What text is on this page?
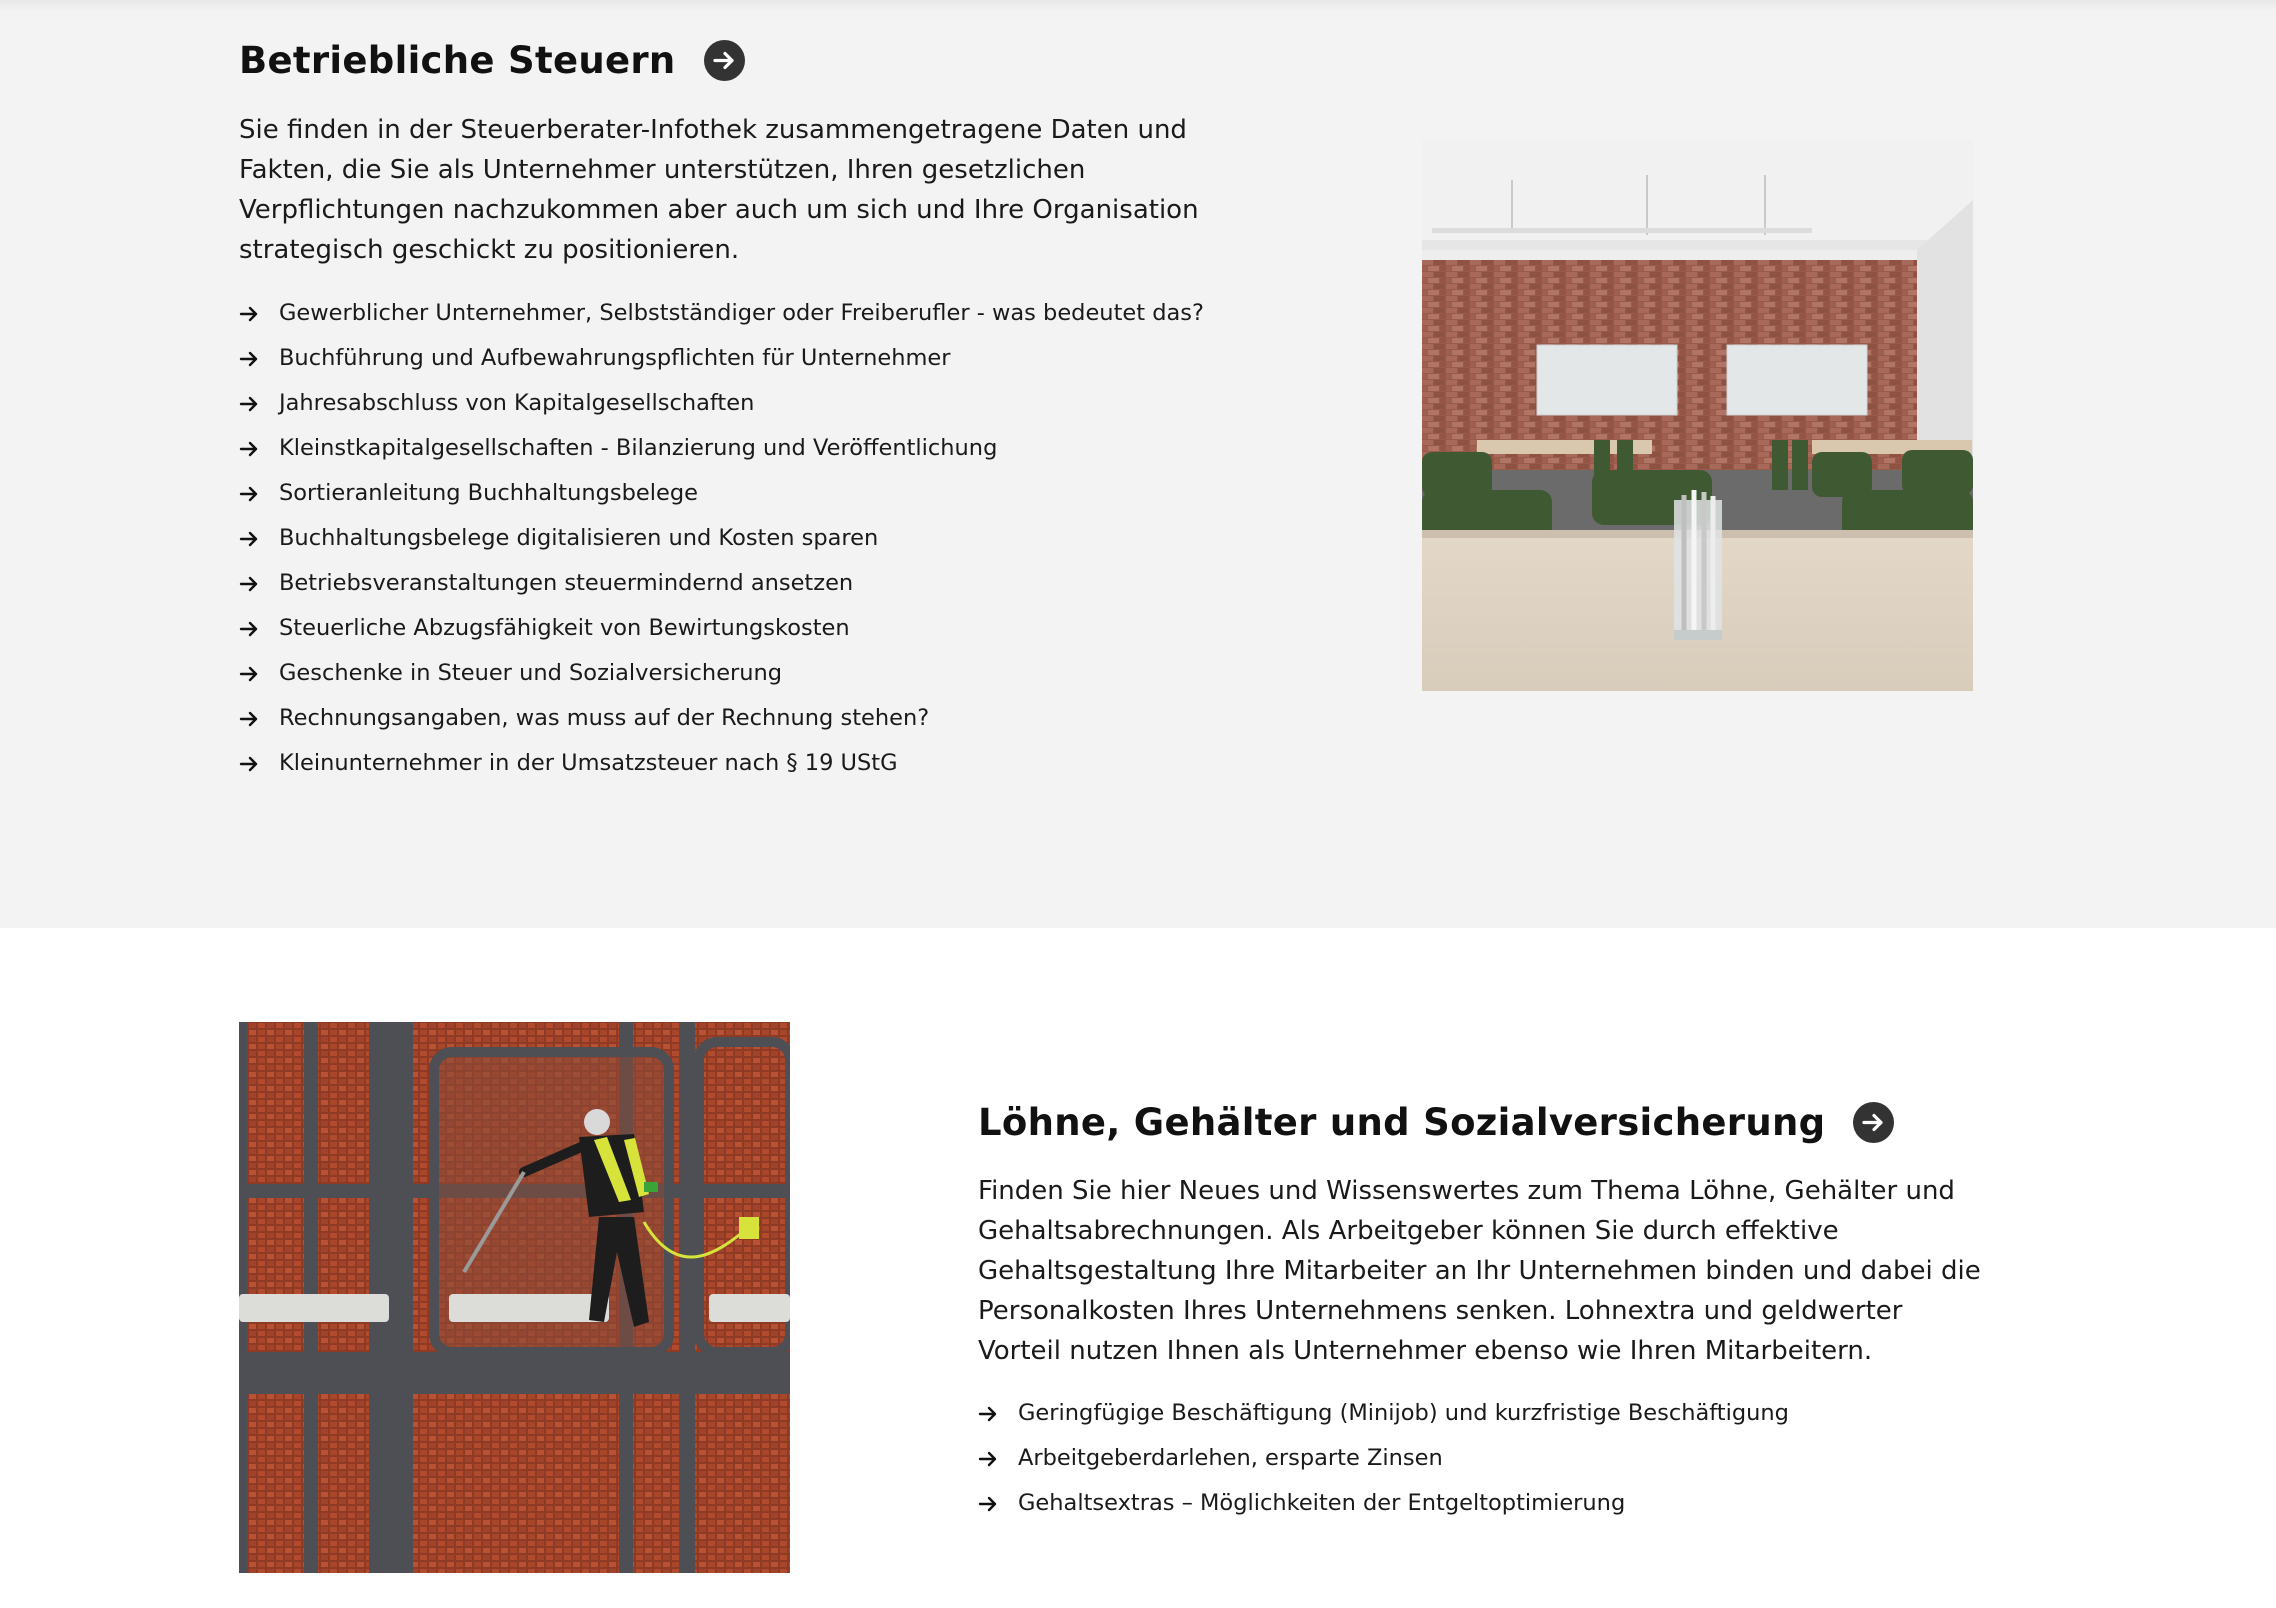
Betriebliche Steuern

Sie finden in der Steuerberater-Infothek zusammengetragene Daten und Fakten, die Sie als Unternehmer unterstützen, Ihren gesetzlichen Verpflichtungen nachzukommen aber auch um sich und Ihre Organisation strategisch geschickt zu positionieren.

Gewerblicher Unternehmer, Selbstständiger oder Freiberufler - was bedeutet das?
Buchführung und Aufbewahrungspflichten für Unternehmer
Jahresabschluss von Kapitalgesellschaften
Kleinstkapitalgesellschaften - Bilanzierung und Veröffentlichung
Sortieranleitung Buchhaltungsbelege
Buchhaltungsbelege digitalisieren und Kosten sparen
Betriebsveranstaltungen steuermindernd ansetzen
Steuerliche Abzugsfähigkeit von Bewirtungskosten
Geschenke in Steuer und Sozialversicherung
Rechnungsangaben, was muss auf der Rechnung stehen?
Kleinunternehmer in der Umsatzsteuer nach § 19 UStG
Löhne, Gehälter und Sozialversicherung

Finden Sie hier Neues und Wissenswertes zum Thema Löhne, Gehälter und Gehaltsabrechnungen. Als Arbeitgeber können Sie durch effektive Gehaltsgestaltung Ihre Mitarbeiter an Ihr Unternehmen binden und dabei die Personalkosten Ihres Unternehmens senken. Lohnextra und geldwerter Vorteil nutzen Ihnen als Unternehmer ebenso wie Ihren Mitarbeitern.

Geringfügige Beschäftigung (Minijob) und kurzfristige Beschäftigung
Arbeitgeberdarlehen, ersparte Zinsen
Gehaltsextras – Möglichkeiten der Entgeltoptimierung
